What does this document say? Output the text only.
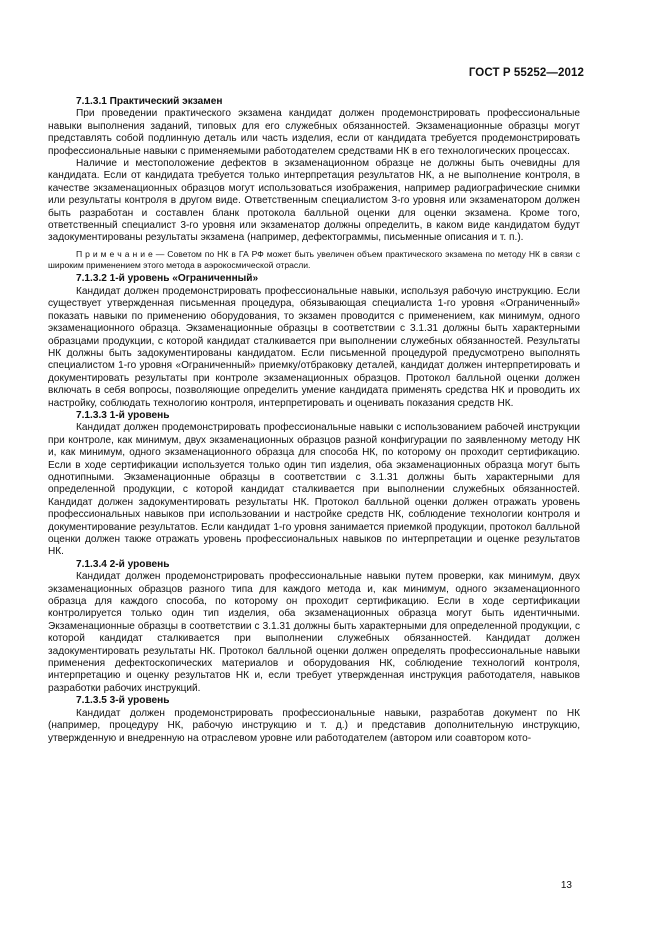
ГОСТ Р 55252—2012
7.1.3.1 Практический экзамен

При проведении практического экзамена кандидат должен продемонстрировать профессиональные навыки выполнения заданий, типовых для его служебных обязанностей. Экзаменационные образцы могут представлять собой подлинную деталь или часть изделия, если от кандидата требуется продемонстрировать профессиональные навыки с применяемыми работодателем средствами НК в его технологических процессах.

Наличие и местоположение дефектов в экзаменационном образце не должны быть очевидны для кандидата. Если от кандидата требуется только интерпретация результатов НК, а не выполнение контроля, в качестве экзаменационных образцов могут использоваться изображения, например радиографические снимки или результаты контроля в другом виде. Ответственным специалистом 3-го уровня или экзаменатором должен быть разработан и составлен бланк протокола балльной оценки для оценки экзамена. Кроме того, ответственный специалист 3-го уровня или экзаменатор должны определить, в каком виде кандидатом будут задокументированы результаты экзамена (например, дефектограммы, письменные описания и т. п.).

П р и м е ч а н и е — Советом по НК в ГА РФ может быть увеличен объем практического экзамена по методу НК в связи с широким применением этого метода в аэрокосмической отрасли.

7.1.3.2 1-й уровень «Ограниченный»

Кандидат должен продемонстрировать профессиональные навыки, используя рабочую инструкцию. Если существует утвержденная письменная процедура, обязывающая специалиста 1-го уровня «Ограниченный» показать навыки по применению оборудования, то экзамен проводится с применением, как минимум, одного экзаменационного образца. Экзаменационные образцы в соответствии с 3.1.31 должны быть характерными образцами продукции, с которой кандидат сталкивается при выполнении служебных обязанностей. Результаты НК должны быть задокументированы кандидатом. Если письменной процедурой предусмотрено выполнять специалистом 1-го уровня «Ограниченный» приемку/отбраковку деталей, кандидат должен интерпретировать и документировать результаты при контроле экзаменационных образцов. Протокол балльной оценки должен включать в себя вопросы, позволяющие определить умение кандидата применять средства НК и проводить их настройку, соблюдать технологию контроля, интерпретировать и оценивать показания средств НК.

7.1.3.3 1-й уровень

Кандидат должен продемонстрировать профессиональные навыки с использованием рабочей инструкции при контроле, как минимум, двух экзаменационных образцов разной конфигурации по заявленному методу НК и, как минимум, одного экзаменационного образца для способа НК, по которому он проходит сертификацию. Если в ходе сертификации используется только один тип изделия, оба экзаменационных образца могут быть однотипными. Экзаменационные образцы в соответствии с 3.1.31 должны быть характерными для определенной продукции, с которой кандидат сталкивается при выполнении служебных обязанностей. Кандидат должен задокументировать результаты НК. Протокол балльной оценки должен отражать уровень профессиональных навыков при использовании и настройке средств НК, соблюдение технологии контроля и документирование результатов. Если кандидат 1-го уровня занимается приемкой продукции, протокол балльной оценки должен также отражать уровень профессиональных навыков по интерпретации и оценке результатов НК.

7.1.3.4 2-й уровень

Кандидат должен продемонстрировать профессиональные навыки путем проверки, как минимум, двух экзаменационных образцов разного типа для каждого метода и, как минимум, одного экзаменационного образца для каждого способа, по которому он проходит сертификацию. Если в ходе сертификации контролируется только один тип изделия, оба экзаменационных образца могут быть идентичными. Экзаменационные образцы в соответствии с 3.1.31 должны быть характерными для определенной продукции, с которой кандидат сталкивается при выполнении служебных обязанностей. Кандидат должен задокументировать результаты НК. Протокол балльной оценки должен определять профессиональные навыки применения дефектоскопических материалов и оборудования НК, соблюдение технологий контроля, интерпретацию и оценку результатов НК и, если требует утвержденная инструкция работодателя, навыков разработки рабочих инструкций.

7.1.3.5 3-й уровень

Кандидат должен продемонстрировать профессиональные навыки, разработав документ по НК (например, процедуру НК, рабочую инструкцию и т. д.) и представив дополнительную инструкцию, утвержденную и внедренную на отраслевом уровне или работодателем (автором или соавтором кото-

13
